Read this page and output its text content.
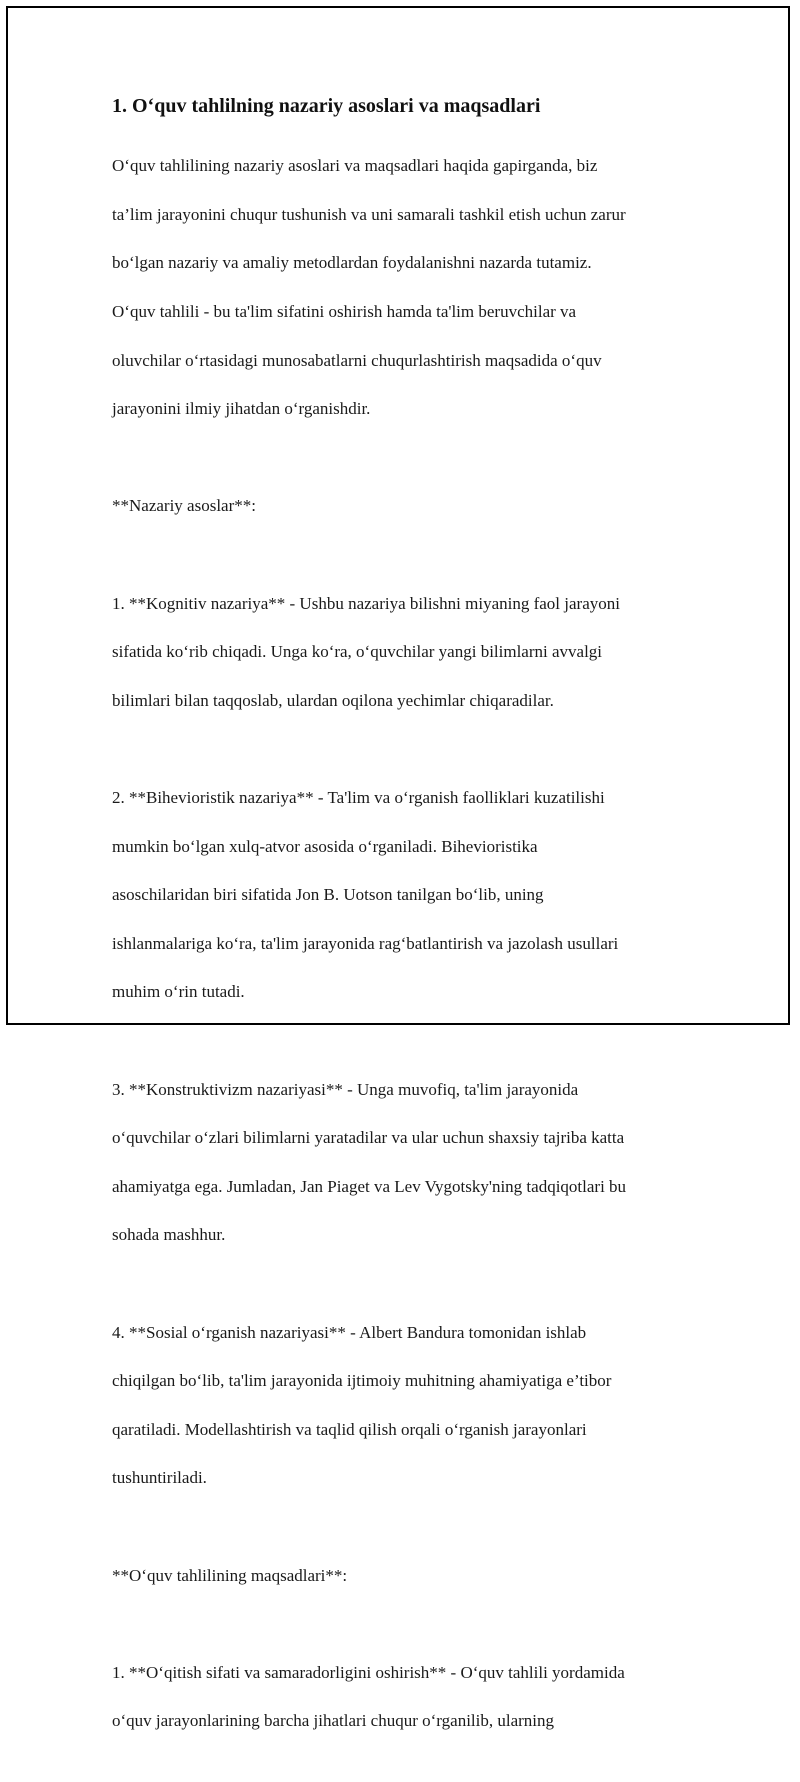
1. O‘quv tahlilning nazariy asoslari va maqsadlari

O‘quv tahlilining nazariy asoslari va maqsadlari haqida gapirganda, biz

ta’lim jarayonini chuqur tushunish va uni samarali tashkil etish uchun zarur

bo‘lgan nazariy va amaliy metodlardan foydalanishni nazarda tutamiz.

O‘quv tahlili - bu ta'lim sifatini oshirish hamda ta'lim beruvchilar va

oluvchilar o‘rtasidagi munosabatlarni chuqurlashtirish maqsadida o‘quv

jarayonini ilmiy jihatdan o‘rganishdir.

**Nazariy asoslar**:

1. **Kognitiv nazariya** - Ushbu nazariya bilishni miyaning faol jarayoni

sifatida ko‘rib chiqadi. Unga ko‘ra, o‘quvchilar yangi bilimlarni avvalgi

bilimlari bilan taqqoslab, ulardan oqilona yechimlar chiqaradilar.

2. **Bihevioristik nazariya** - Ta'lim va o‘rganish faolliklari kuzatilishi

mumkin bo‘lgan xulq-atvor asosida o‘rganiladi. Bihevioristika

asoschilaridan biri sifatida Jon B. Uotson tanilgan bo‘lib, uning

ishlanmalariga ko‘ra, ta'lim jarayonida rag‘batlantirish va jazolash usullari

muhim o‘rin tutadi.

3. **Konstruktivizm nazariyasi** - Unga muvofiq, ta'lim jarayonida

o‘quvchilar o‘zlari bilimlarni yaratadilar va ular uchun shaxsiy tajriba katta

ahamiyatga ega. Jumladan, Jan Piaget va Lev Vygotsky'ning tadqiqotlari bu

sohada mashhur.

4. **Sosial o‘rganish nazariyasi** - Albert Bandura tomonidan ishlab

chiqilgan bo‘lib, ta'lim jarayonida ijtimoiy muhitning ahamiyatiga e’tibor

qaratiladi. Modellashtirish va taqlid qilish orqali o‘rganish jarayonlari

tushuntiriladi.

**O‘quv tahlilining maqsadlari**:

1. **O‘qitish sifati va samaradorligini oshirish** - O‘quv tahlili yordamida

o‘quv jarayonlarining barcha jihatlari chuqur o‘rganilib, ularning
